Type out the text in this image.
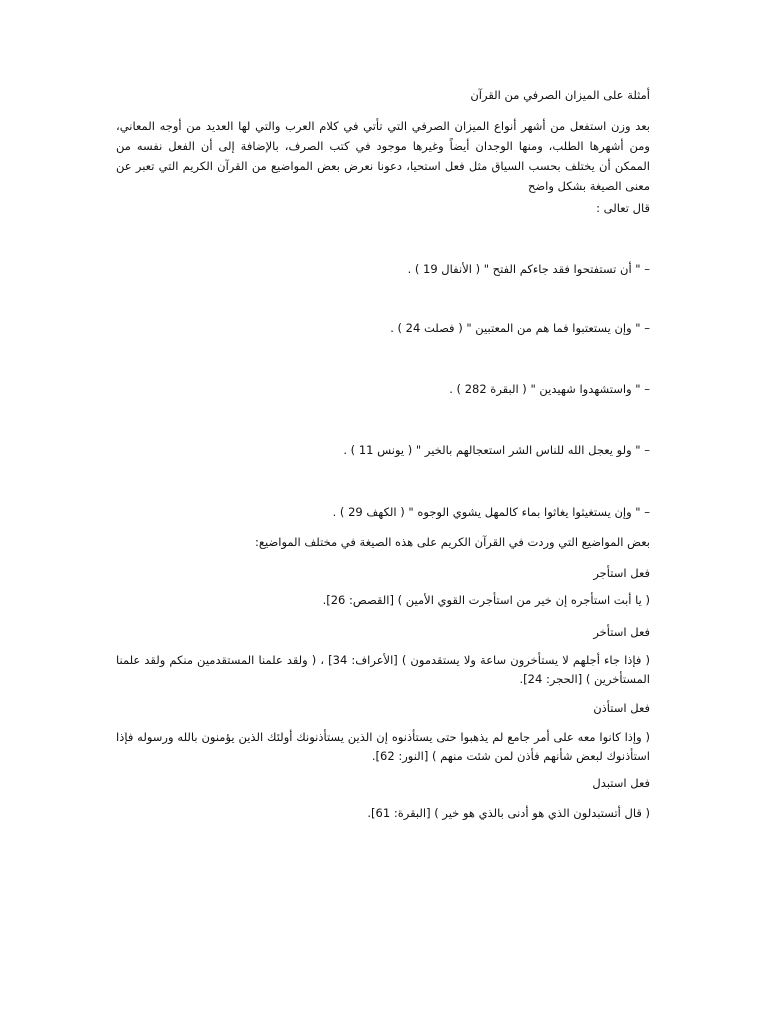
أمثلة على الميزان الصرفي من القرآن
بعد وزن استفعل من أشهر أنواع الميزان الصرفي التي تأتي في كلام العرب والتي لها العديد من أوجه المعاني، ومن أشهرها الطلب، ومنها الوجدان أيضاً وغيرها موجود في كتب الصرف، بالإضافة إلى أن الفعل نفسه من الممكن أن يختلف بحسب السياق مثل فعل استحيا، دعونا نعرض بعض المواضيع من القرآن الكريم التي تعبر عن معنى الصيغة بشكل واضح
قال تعالى :
– " أن تستفتحوا فقد جاءكم الفتح " ( الأنفال 19 ) .
– " وإن يستعتبوا فما هم من المعتبين " ( فصلت 24 ) .
– " واستشهدوا شهيدين " ( البقرة 282 ) .
– " ولو يعجل الله للناس الشر استعجالهم بالخير " ( يونس 11 ) .
– " وإن يستغيثوا يغاثوا بماء كالمهل يشوي الوجوه " ( الكهف 29 ) .
بعض المواضيع التي وردت في القرآن الكريم على هذه الصيغة في مختلف المواضيع:
فعل استأجر
( يا أبت استأجره إن خير من استأجرت القوي الأمين ) [القصص: 26].
فعل استأخر
( فإذا جاء أجلهم لا يستأخرون ساعة ولا يستقدمون ) [الأعراف: 34] ، ( ولقد علمنا المستقدمين منكم ولقد علمنا المستأخرين ) [الحجر: 24].
فعل استأذن
( وإذا كانوا معه على أمر جامع لم يذهبوا حتى يستأذنوه إن الذين يستأذنونك أولئك الذين يؤمنون بالله ورسوله فإذا استأذنوك لبعض شأنهم فأذن لمن شئت منهم ) [النور: 62].
فعل استبدل
( قال أتستبدلون الذي هو أدنى بالذي هو خير ) [البقرة: 61].
